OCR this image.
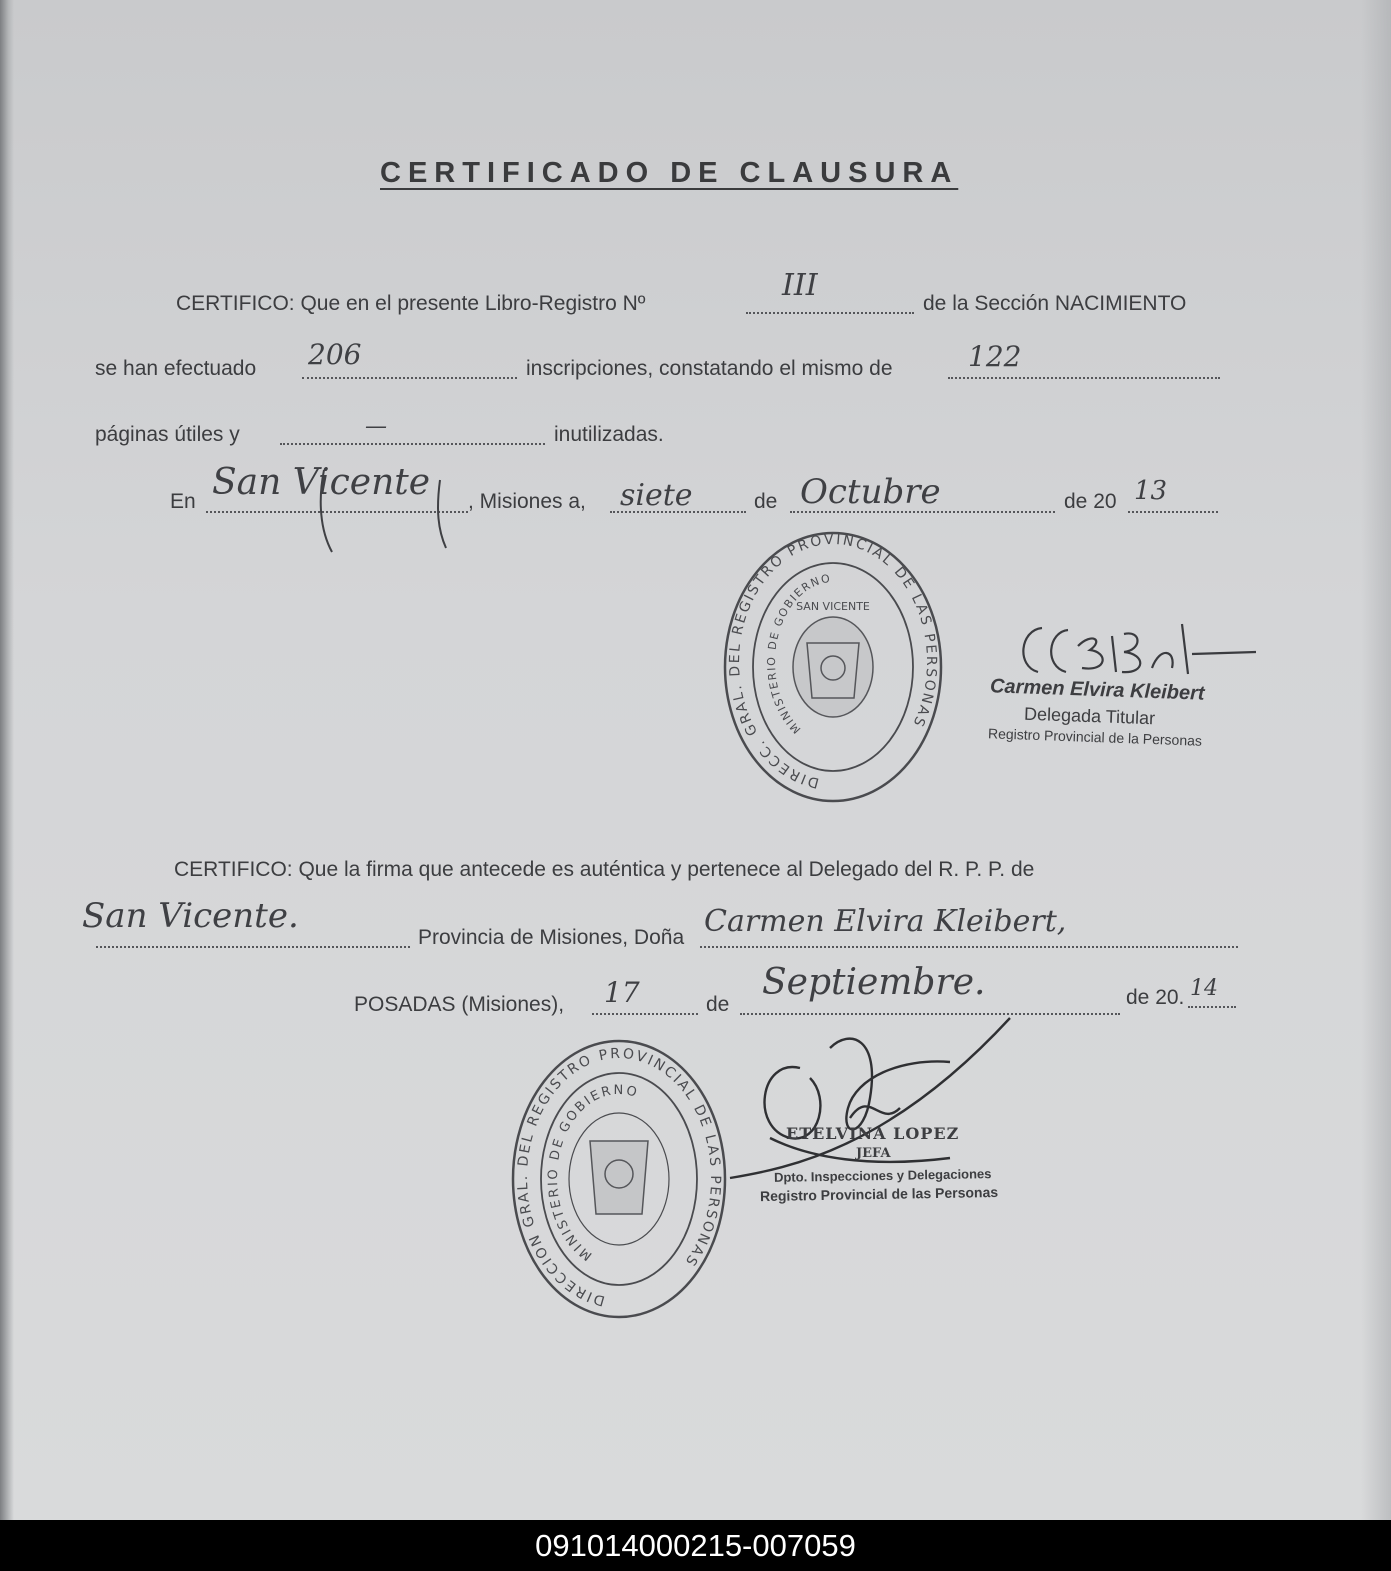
CERTIFICADO DE CLAUSURA
CERTIFICO: Que en el presente Libro-Registro Nº
III
de la Sección NACIMIENTO
se han efectuado 206	inscripciones, constatando el mismo de	122
páginas útiles y	—	inutilizadas.
En San Vicente , Misiones a, siete	de Octubre	de 20 13
DIRECC. GRAL. DEL REGISTRO PROVINCIAL DE LAS PERSONAS
MINISTERIO DE GOBIERNO
SAN VICENTE
Carmen Elvira Kleibert
Delegada Titular
Registro Provincial de la Personas
CERTIFICO: Que la firma que antecede es auténtica y pertenece al Delegado del R. P. P. de
San Vicente.
Provincia de Misiones, Doña Carmen Elvira Kleibert,
POSADAS (Misiones), 17	de
Septiembre.	de 20. 14
DIRECCION GRAL. DEL REGISTRO PROVINCIAL DE LAS PERSONAS
MINISTERIO DE GOBIERNO
ETELVINA LOPEZ
JEFA
Dpto. Inspecciones y Delegaciones
Registro Provincial de las Personas
091014000215-007059
